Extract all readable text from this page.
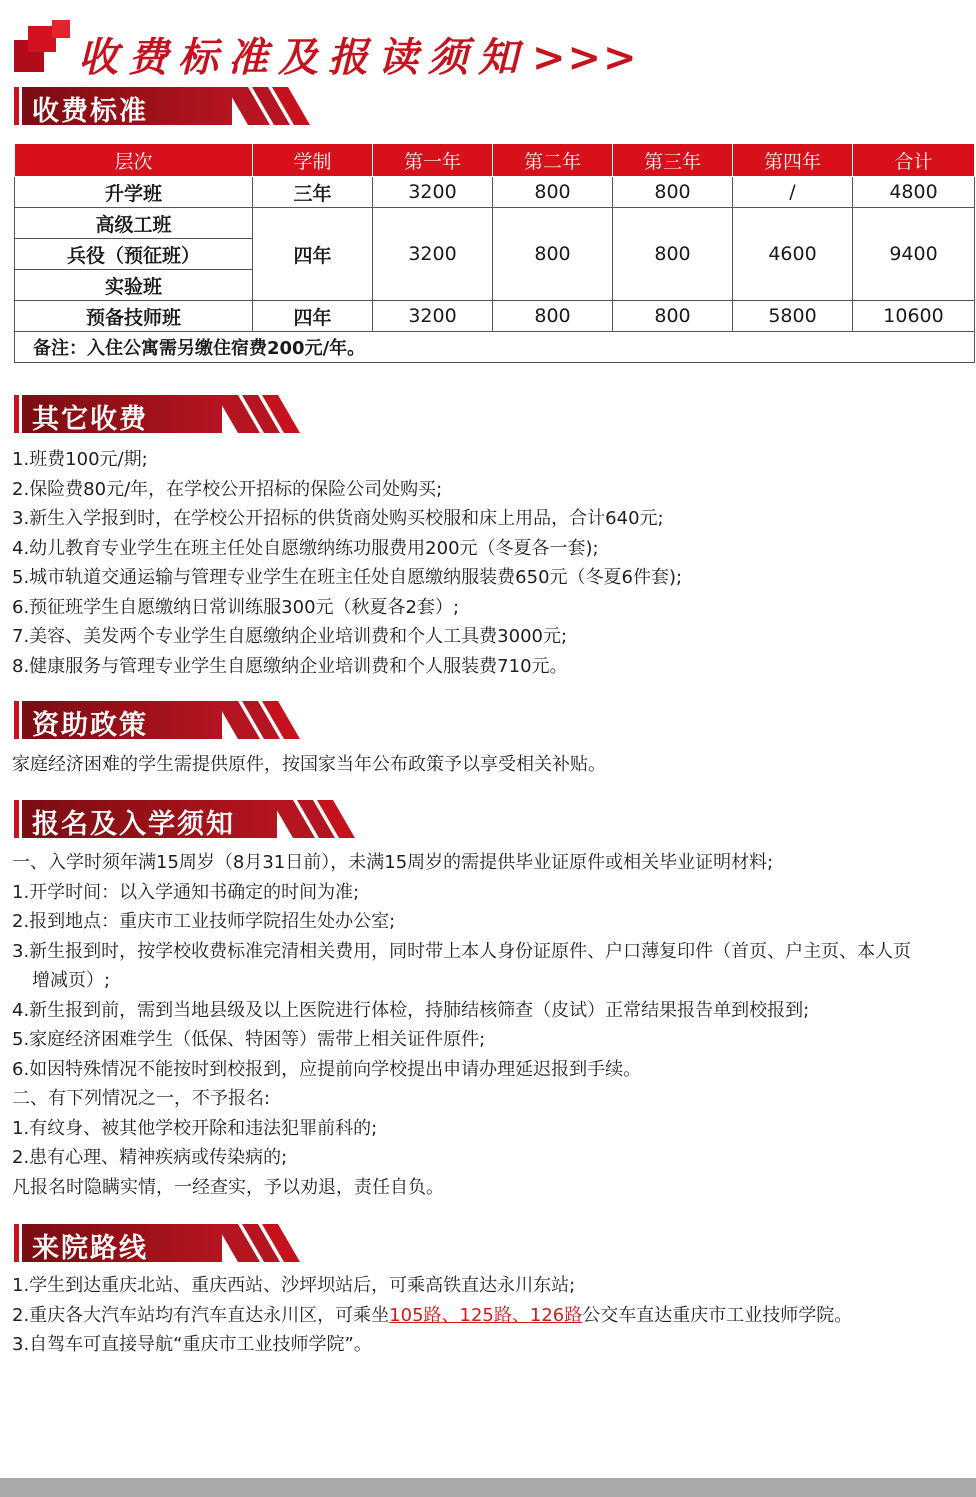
收费标准及报读须知 >>>
收费标准
层次	学制	第一年	第二年	第三年	第四年	合计
升学班	三年	3200	800	800	/	4800
高级工班	四年	3200	800	800	4600	9400
兵役（预征班）						
实验班						
预备技师班	四年	3200	800	800	5800	10600
备注：入住公寓需另缴住宿费200元/年。						
其它收费
1.班费100元/期;
2.保险费80元/年，在学校公开招标的保险公司处购买;
3.新生入学报到时，在学校公开招标的供货商处购买校服和床上用品，合计640元;
4.幼儿教育专业学生在班主任处自愿缴纳练功服费用200元（冬夏各一套);
5.城市轨道交通运输与管理专业学生在班主任处自愿缴纳服装费650元（冬夏6件套);
6.预征班学生自愿缴纳日常训练服300元（秋夏各2套）;
7.美容、美发两个专业学生自愿缴纳企业培训费和个人工具费3000元;
8.健康服务与管理专业学生自愿缴纳企业培训费和个人服装费710元。
资助政策
家庭经济困难的学生需提供原件，按国家当年公布政策予以享受相关补贴。
报名及入学须知
一、入学时须年满15周岁（8月31日前），未满15周岁的需提供毕业证原件或相关毕业证明材料;
1.开学时间：以入学通知书确定的时间为准;
2.报到地点：重庆市工业技师学院招生处办公室;
3.新生报到时，按学校收费标准完清相关费用，同时带上本人身份证原件、户口薄复印件（首页、户主页、本人页
增减页）;
4.新生报到前，需到当地县级及以上医院进行体检，持肺结核筛查（皮试）正常结果报告单到校报到;
5.家庭经济困难学生（低保、特困等）需带上相关证件原件;
6.如因特殊情况不能按时到校报到，应提前向学校提出申请办理延迟报到手续。
二、有下列情况之一，不予报名:
1.有纹身、被其他学校开除和违法犯罪前科的;
2.患有心理、精神疾病或传染病的;
凡报名时隐瞒实情，一经查实，予以劝退，责任自负。
来院路线
1.学生到达重庆北站、重庆西站、沙坪坝站后，可乘高铁直达永川东站;
2.重庆各大汽车站均有汽车直达永川区，可乘坐105路、125路、126路公交车直达重庆市工业技师学院。
3.自驾车可直接导航“重庆市工业技师学院”。
